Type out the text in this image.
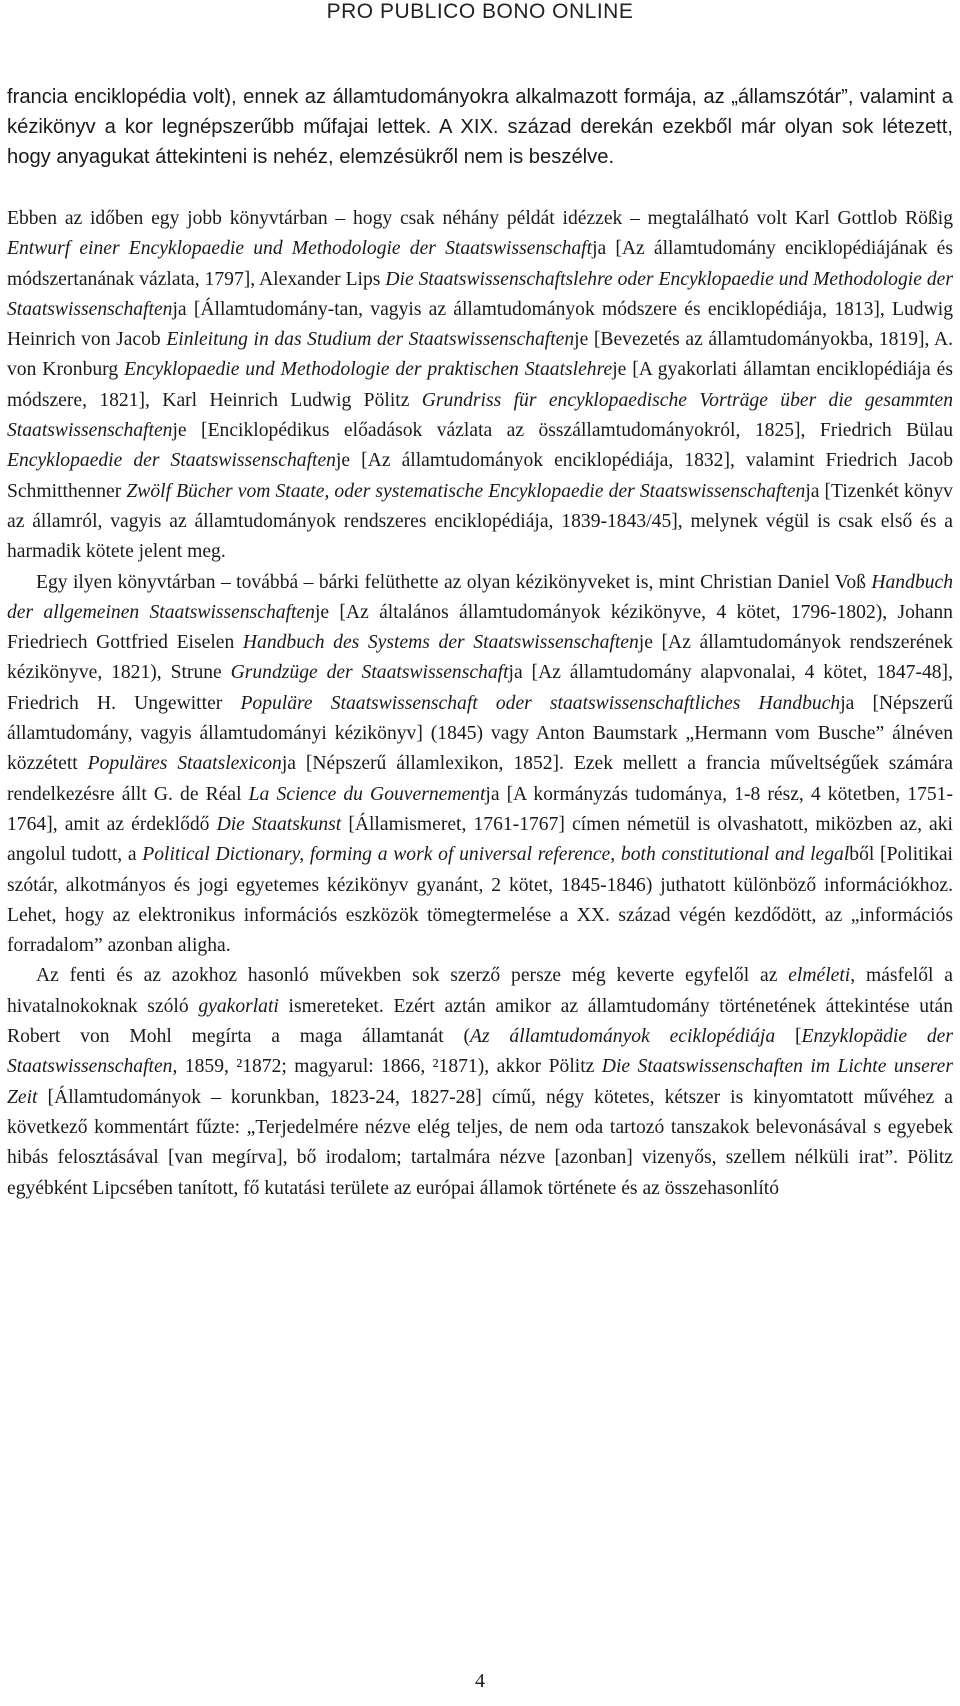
PRO PUBLICO BONO ONLINE

francia enciklopédia volt), ennek az államtudományokra alkalmazott formája, az „államszótár”, valamint a kézikönyv a kor legnépszerűbb műfajai lettek. A XIX. század derekán ezekből már olyan sok létezett, hogy anyagukat áttekinteni is nehéz, elemzésükről nem is beszélve.

Ebben az időben egy jobb könyvtárban – hogy csak néhány példát idézzek – megtalálható volt Karl Gottlob Rößig Entwurf einer Encyklopaedie und Methodologie der Staatswissenschaftja [Az államtudomány enciklopédiájának és módszertanának vázlata, 1797], Alexander Lips Die Staatswissenschaftslehre oder Encyklopaedie und Methodologie der Staatswissenschaftenja [Államtudomány-tan, vagyis az államtudományok módszere és enciklopédiája, 1813], Ludwig Heinrich von Jacob Einleitung in das Studium der Staatswissenschaftenje [Bevezetés az államtudományokba, 1819], A. von Kronburg Encyklopaedie und Methodologie der praktischen Staatslehreje [A gyakorlati államtan enciklopédiája és módszere, 1821], Karl Heinrich Ludwig Pölitz Grundriss für encyklopaedische Vorträge über die gesammten Staatswissenschaftenje [Enciklopédikus előadások vázlata az összállamtudományokról, 1825], Friedrich Bülau Encyklopaedie der Staatswissenschaftenje [Az államtudományok enciklopédiája, 1832], valamint Friedrich Jacob Schmitthenner Zwölf Bücher vom Staate, oder systematische Encyklopaedie der Staatswissenschaftenja [Tizenkét könyv az államról, vagyis az államtudományok rendszeres enciklopédiája, 1839-1843/45], melynek végül is csak első és a harmadik kötete jelent meg.

Egy ilyen könyvtárban – továbbá – bárki felüthette az olyan kézikönyveket is, mint Christian Daniel Voß Handbuch der allgemeinen Staatswissenschaftenje [Az általános államtudományok kézikönyve, 4 kötet, 1796-1802), Johann Friedriech Gottfried Eiselen Handbuch des Systems der Staatswissenschaftenje [Az államtudományok rendszerének kézikönyve, 1821), Strune Grundzüge der Staatswissenschaftja [Az államtudomány alapvonalai, 4 kötet, 1847-48], Friedrich H. Ungewitter Populäre Staatswissenschaft oder staatswissenschaftliches Handbuchja [Népszerű államtudomány, vagyis államtudományi kézikönyv] (1845) vagy Anton Baumstark „Hermann vom Busche” álnéven közzétett Populäres Staatslexiconja [Népszerű államlexikon, 1852]. Ezek mellett a francia műveltségűek számára rendelkezésre állt G. de Réal La Science du Gouvernementja [A kormányzás tudománya, 1-8 rész, 4 kötetben, 1751-1764], amit az érdeklődő Die Staatskunst [Államismeret, 1761-1767] címen németül is olvashatott, miközben az, aki angolul tudott, a Political Dictionary, forming a work of universal reference, both constitutional and legalből [Politikai szótár, alkotmányos és jogi egyetemes kézikönyv gyanánt, 2 kötet, 1845-1846) juthatott különböző információkhoz. Lehet, hogy az elektronikus információs eszközök tömegtermelése a XX. század végén kezdődött, az „információs forradalom” azonban aligha.

Az fenti és az azokhoz hasonló művekben sok szerző persze még keverte egyfelől az elméleti, másfelől a hivatalnokoknak szóló gyakorlati ismereteket. Ezért aztán amikor az államtudomány történetének áttekintése után Robert von Mohl megírta a maga államtanát (Az államtudományok eciklopédiája [Enzyklopädie der Staatswissenschaften, 1859, ²1872; magyarul: 1866, ²1871), akkor Pölitz Die Staatswissenschaften im Lichte unserer Zeit [Államtudományok – korunkban, 1823-24, 1827-28] című, négy kötetes, kétszer is kinyomtatott művéhez a következő kommentárt fűzte: „Terjedelmére nézve elég teljes, de nem oda tartozó tanszakok belevonásával s egyebek hibás felosztásával [van megírva], bő irodalom; tartalmára nézve [azonban] vizenyős, szellem nélküli irat”. Pölitz egyébként Lipcsében tanított, fő kutatási területe az európai államok története és az összehasonlító

4
